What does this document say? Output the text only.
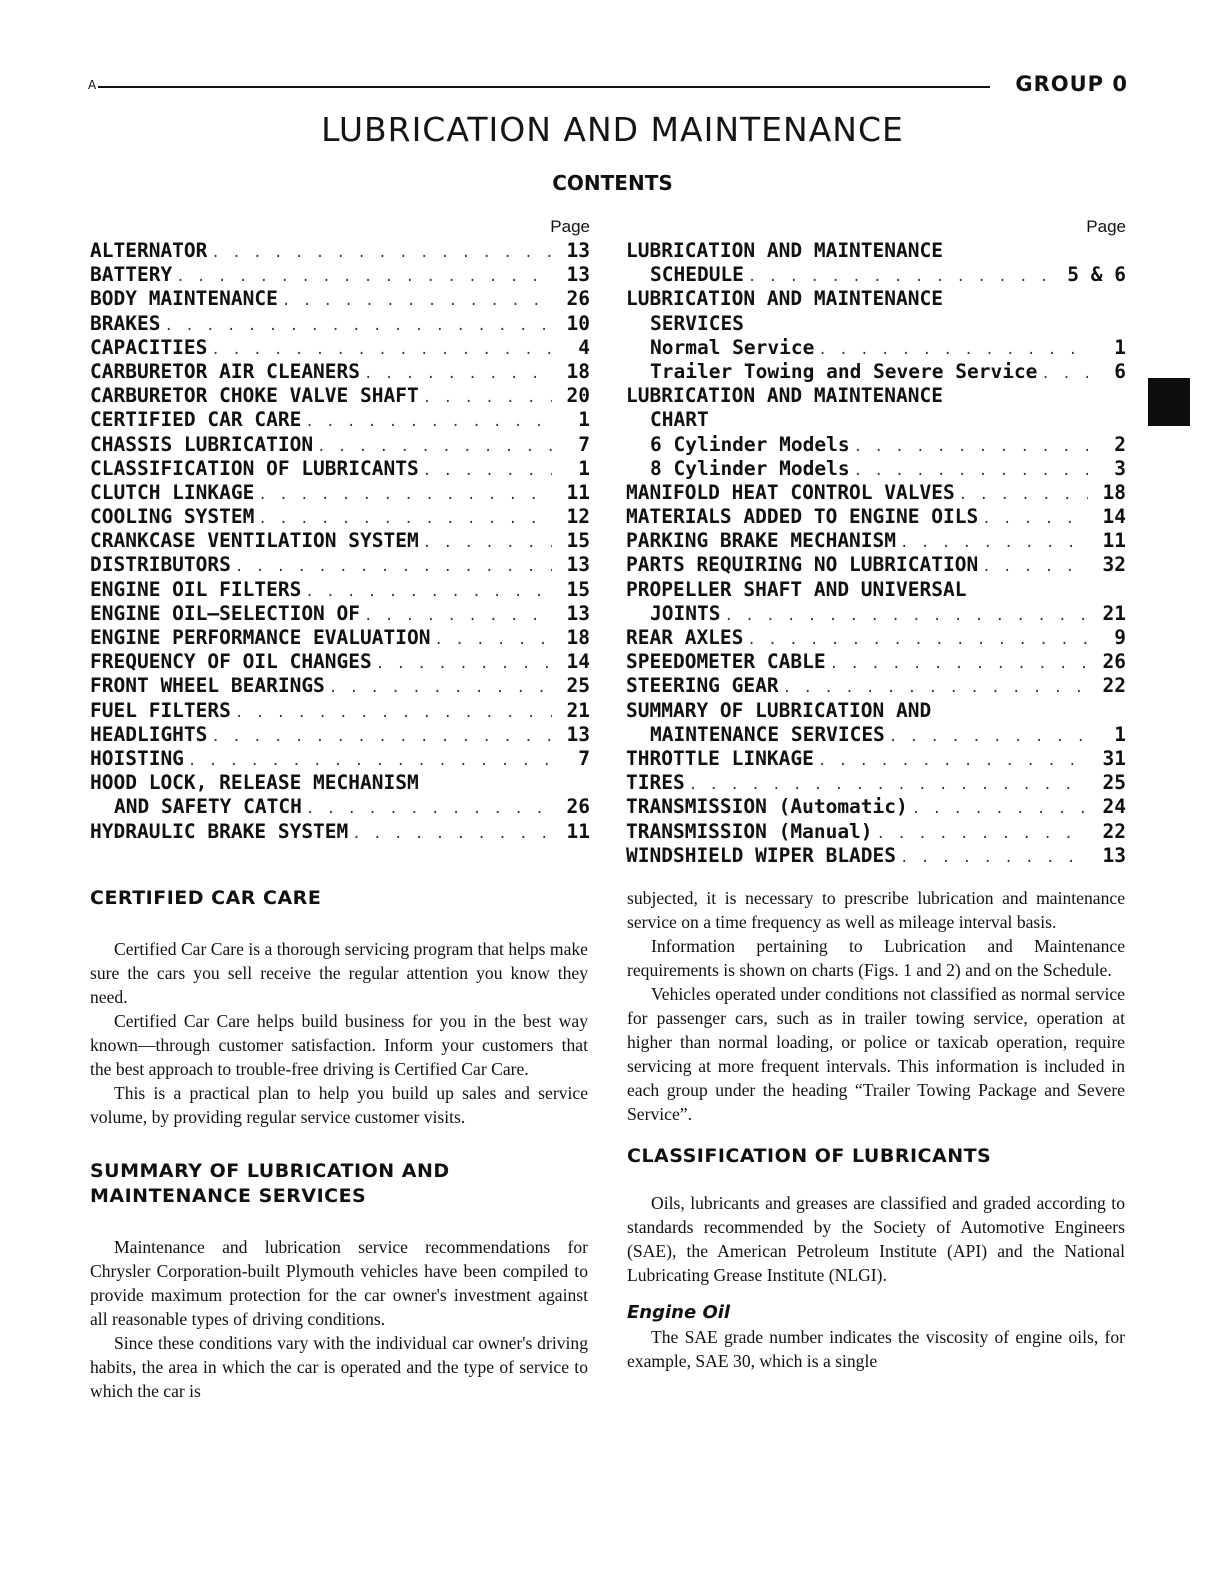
A	GROUP 0
LUBRICATION AND MAINTENANCE
CONTENTS
Page
ALTERNATOR . . .	13
BATTERY . . .	13
BODY MAINTENANCE . . .	26
BRAKES . . .	10
CAPACITIES . . .	4
CARBURETOR AIR CLEANERS . . .	18
CARBURETOR CHOKE VALVE SHAFT . . .	20
CERTIFIED CAR CARE . . .	1
CHASSIS LUBRICATION . . .	7
CLASSIFICATION OF LUBRICANTS . . .	1
CLUTCH LINKAGE . . .	11
COOLING SYSTEM . . .	12
CRANKCASE VENTILATION SYSTEM . . .	15
DISTRIBUTORS . . .	13
ENGINE OIL FILTERS . . .	15
ENGINE OIL—SELECTION OF . . .	13
ENGINE PERFORMANCE EVALUATION . . .	18
FREQUENCY OF OIL CHANGES . . .	14
FRONT WHEEL BEARINGS . . .	25
FUEL FILTERS . . .	21
HEADLIGHTS . . .	13
HOISTING . . .	7
HOOD LOCK, RELEASE MECHANISM
AND SAFETY CATCH . . .	26
HYDRAULIC BRAKE SYSTEM . . .	11
Page
LUBRICATION AND MAINTENANCE
SCHEDULE . . .	5 & 6
LUBRICATION AND MAINTENANCE
SERVICES
Normal Service . . .	1
Trailer Towing and Severe Service . . .	6
LUBRICATION AND MAINTENANCE
CHART
6 Cylinder Models . . .	2
8 Cylinder Models . . .	3
MANIFOLD HEAT CONTROL VALVES . . .	18
MATERIALS ADDED TO ENGINE OILS . . .	14
PARKING BRAKE MECHANISM . . .	11
PARTS REQUIRING NO LUBRICATION . . .	32
PROPELLER SHAFT AND UNIVERSAL
JOINTS . . .	21
REAR AXLES . . .	9
SPEEDOMETER CABLE . . .	26
STEERING GEAR . . .	22
SUMMARY OF LUBRICATION AND
MAINTENANCE SERVICES . . .	1
THROTTLE LINKAGE . . .	31
TIRES . . .	25
TRANSMISSION (Automatic) . . .	24
TRANSMISSION (Manual) . . .	22
WINDSHIELD WIPER BLADES . . .	13
CERTIFIED CAR CARE

Certified Car Care is a thorough servicing program that helps make sure the cars you sell receive the regular attention you know they need.

Certified Car Care helps build business for you in the best way known—through customer satisfaction. Inform your customers that the best approach to trouble-free driving is Certified Car Care.

This is a practical plan to help you build up sales and service volume, by providing regular service customer visits.

SUMMARY OF LUBRICATION AND
MAINTENANCE SERVICES

Maintenance and lubrication service recommendations for Chrysler Corporation-built Plymouth vehicles have been compiled to provide maximum protection for the car owner's investment against all reasonable types of driving conditions.

Since these conditions vary with the individual car owner's driving habits, the area in which the car is operated and the type of service to which the car is

subjected, it is necessary to prescribe lubrication and maintenance service on a time frequency as well as mileage interval basis.

Information pertaining to Lubrication and Maintenance requirements is shown on charts (Figs. 1 and 2) and on the Schedule.

Vehicles operated under conditions not classified as normal service for passenger cars, such as in trailer towing service, operation at higher than normal loading, or police or taxicab operation, require servicing at more frequent intervals. This information is included in each group under the heading “Trailer Towing Package and Severe Service”.

CLASSIFICATION OF LUBRICANTS

Oils, lubricants and greases are classified and graded according to standards recommended by the Society of Automotive Engineers (SAE), the American Petroleum Institute (API) and the National Lubricating Grease Institute (NLGI).

Engine Oil

The SAE grade number indicates the viscosity of engine oils, for example, SAE 30, which is a single
